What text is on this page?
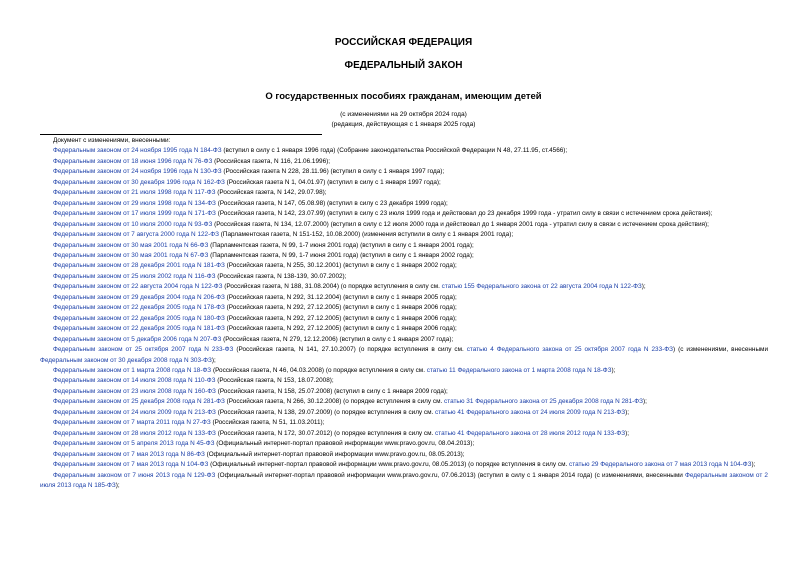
РОССИЙСКАЯ ФЕДЕРАЦИЯ
ФЕДЕРАЛЬНЫЙ ЗАКОН
О государственных пособиях гражданам, имеющим детей
(с изменениями на 29 октября 2024 года)
(редакция, действующая с 1 января 2025 года)

Документ с изменениями, внесенными:

Федеральным законом от 24 ноября 1995 года N 184-ФЗ (вступил в силу с 1 января 1996 года) (Собрание законодательства Российской Федерации N 48, 27.11.95, ст.4566);

Федеральным законом от 18 июня 1996 года N 76-ФЗ (Российская газета, N 116, 21.06.1996);

Федеральным законом от 24 ноября 1996 года N 130-ФЗ (Российская газета N 228, 28.11.96) (вступил в силу с 1 января 1997 года);

Федеральным законом от 30 декабря 1996 года N 162-ФЗ (Российская газета N 1, 04.01.97) (вступил в силу с 1 января 1997 года);

Федеральным законом от 21 июля 1998 года N 117-ФЗ (Российская газета, N 142, 29.07.98);

Федеральным законом от 29 июля 1998 года N 134-ФЗ (Российская газета, N 147, 05.08.98) (вступил в силу с 23 декабря 1999 года);

Федеральным законом от 17 июля 1999 года N 171-ФЗ (Российская газета, N 142, 23.07.99) (вступил в силу с 23 июля 1999 года и действовал до 23 декабря 1999 года - утратил силу в связи с истечением срока действия);

Федеральным законом от 10 июля 2000 года N 93-ФЗ (Российская газета, N 134, 12.07.2000) (вступил в силу с 12 июля 2000 года и действовал до 1 января 2001 года - утратил силу в связи с истечением срока действия);

Федеральным законом от 7 августа 2000 года N 122-ФЗ (Парламентская газета, N 151-152, 10.08.2000) (изменения вступили в силу с 1 января 2001 года);

Федеральным законом от 30 мая 2001 года N 66-ФЗ (Парламентская газета, N 99, 1-7 июня 2001 года) (вступил в силу с 1 января 2001 года);

Федеральным законом от 30 мая 2001 года N 67-ФЗ (Парламентская газета, N 99, 1-7 июня 2001 года) (вступил в силу с 1 января 2002 года);

Федеральным законом от 28 декабря 2001 года N 181-ФЗ (Российская газета, N 255, 30.12.2001) (вступил в силу с 1 января 2002 года);

Федеральным законом от 25 июля 2002 года N 116-ФЗ (Российская газета, N 138-139, 30.07.2002);

Федеральным законом от 22 августа 2004 года N 122-ФЗ (Российская газета, N 188, 31.08.2004) (о порядке вступления в силу см. статью 155 Федерального закона от 22 августа 2004 года N 122-ФЗ);

Федеральным законом от 29 декабря 2004 года N 206-ФЗ (Российская газета, N 292, 31.12.2004) (вступил в силу с 1 января 2005 года);

Федеральным законом от 22 декабря 2005 года N 178-ФЗ (Российская газета, N 292, 27.12.2005) (вступил в силу с 1 января 2006 года);

Федеральным законом от 22 декабря 2005 года N 180-ФЗ (Российская газета, N 292, 27.12.2005) (вступил в силу с 1 января 2006 года);

Федеральным законом от 22 декабря 2005 года N 181-ФЗ (Российская газета, N 292, 27.12.2005) (вступил в силу с 1 января 2006 года);

Федеральным законом от 5 декабря 2006 года N 207-ФЗ (Российская газета, N 279, 12.12.2006) (вступил в силу с 1 января 2007 года);

Федеральным законом от 25 октября 2007 года N 233-ФЗ (Российская газета, N 141, 27.10.2007) (о порядке вступления в силу см. статью 4 Федерального закона от 25 октября 2007 года N 233-ФЗ) (с изменениями, внесенными Федеральным законом от 30 декабря 2008 года N 303-ФЗ);

Федеральным законом от 1 марта 2008 года N 18-ФЗ (Российская газета, N 46, 04.03.2008) (о порядке вступления в силу см. статью 11 Федерального закона от 1 марта 2008 года N 18-ФЗ);

Федеральным законом от 14 июля 2008 года N 110-ФЗ (Российская газета, N 153, 18.07.2008);

Федеральным законом от 23 июля 2008 года N 160-ФЗ (Российская газета, N 158, 25.07.2008) (вступил в силу с 1 января 2009 года);

Федеральным законом от 25 декабря 2008 года N 281-ФЗ (Российская газета, N 266, 30.12.2008) (о порядке вступления в силу см. статью 31 Федерального закона от 25 декабря 2008 года N 281-ФЗ);

Федеральным законом от 24 июля 2009 года N 213-ФЗ (Российская газета, N 138, 29.07.2009) (о порядке вступления в силу см. статью 41 Федерального закона от 24 июля 2009 года N 213-ФЗ);

Федеральным законом от 7 марта 2011 года N 27-ФЗ (Российская газета, N 51, 11.03.2011);

Федеральным законом от 28 июля 2012 года N 133-ФЗ (Российская газета, N 172, 30.07.2012) (о порядке вступления в силу см. статью 41 Федерального закона от 28 июля 2012 года N 133-ФЗ);

Федеральным законом от 5 апреля 2013 года N 45-ФЗ (Официальный интернет-портал правовой информации www.pravo.gov.ru, 08.04.2013);

Федеральным законом от 7 мая 2013 года N 86-ФЗ (Официальный интернет-портал правовой информации www.pravo.gov.ru, 08.05.2013);

Федеральным законом от 7 мая 2013 года N 104-ФЗ (Официальный интернет-портал правовой информации www.pravo.gov.ru, 08.05.2013) (о порядке вступления в силу см. статью 29 Федерального закона от 7 мая 2013 года N 104-ФЗ);

Федеральным законом от 7 июня 2013 года N 129-ФЗ (Официальный интернет-портал правовой информации www.pravo.gov.ru, 07.06.2013) (вступил в силу с 1 января 2014 года) (с изменениями, внесенными Федеральным законом от 2 июля 2013 года N 185-ФЗ);
